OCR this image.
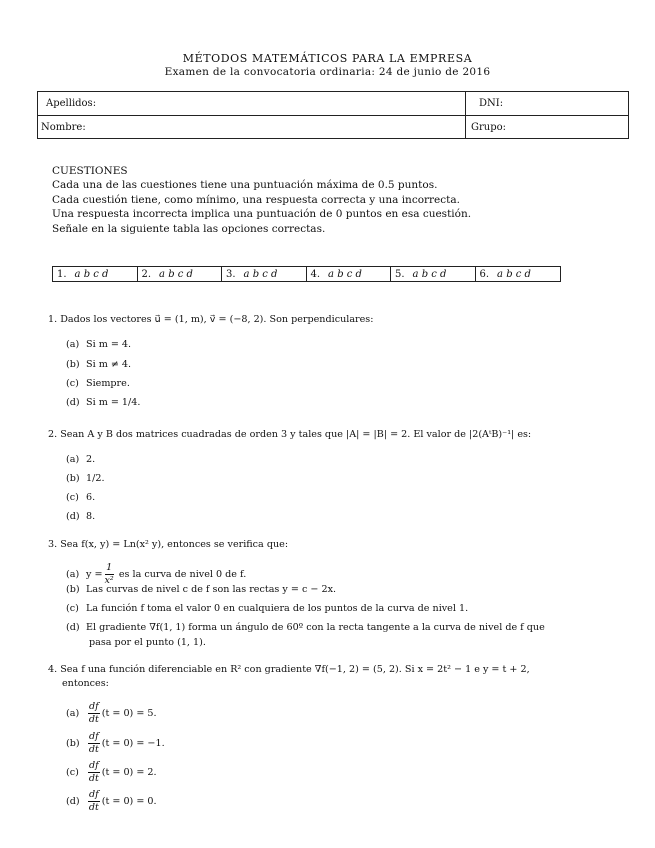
MÉTODOS MATEMÁTICOS PARA LA EMPRESA
Examen de la convocatoria ordinaria: 24 de junio de 2016
Apellidos:	DNI:
Nombre:	Grupo:
CUESTIONES
Cada una de las cuestiones tiene una puntuación máxima de 0.5 puntos.
Cada cuestión tiene, como mínimo, una respuesta correcta y una incorrecta.
Una respuesta incorrecta implica una puntuación de 0 puntos en esa cuestión.
Señale en la siguiente tabla las opciones correctas.
1. a b c d	2. a b c d	3. a b c d	4. a b c d	5. a b c d	6. a b c d
1. Dados los vectores u⃗ = (1, m), v⃗ = (−8, 2). Son perpendiculares:
(a) Si m = 4.
(b) Si m ≠ 4.
(c) Siempre.
(d) Si m = 1/4.
2. Sean A y B dos matrices cuadradas de orden 3 y tales que |A| = |B| = 2. El valor de |2(AᵗB)⁻¹| es:
(a) 2.
(b) 1/2.
(c) 6.
(d) 8.
3. Sea f(x, y) = Ln(x² y), entonces se verifica que:
(a) $y = \frac{1}{\text{x²}}$ es la curva de nivel 0 de f.
(b) Las curvas de nivel c de f son las rectas y = c − 2x.
(c) La función f toma el valor 0 en cualquiera de los puntos de la curva de nivel 1.
(d) El gradiente ∇f(1, 1) forma un ángulo de 60º con la recta tangente a la curva de nivel de f que
pasa por el punto (1, 1).
4. Sea f una función diferenciable en R² con gradiente ∇f(−1, 2) = (5, 2). Si x = 2t² − 1 e y = t + 2,
entonces:
$(a) \frac{df}{dt} (t = 0) = 5$.
$(b) \frac{df}{dt} (t = 0) = -1$.
$(c) \frac{df}{dt} (t = 0) = 2$.
$(d) \frac{df}{dt} (t = 0) = 0$.
